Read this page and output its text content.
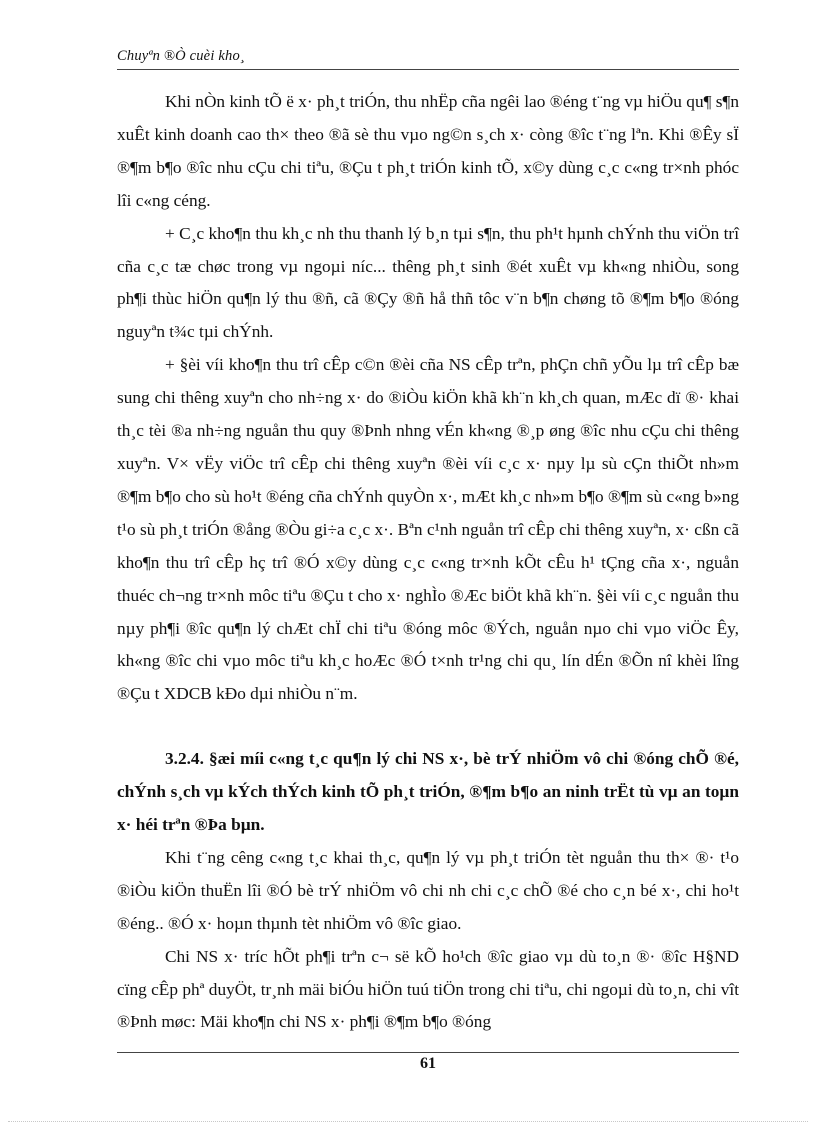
Chuyªn ®Ò cuèi kho¸

Khi nÒn kinh tÕ ë x· ph¸t triÓn, thu nhËp cña ngêi lao ®éng t¨ng vµ hiÖu qu¶ s¶n xuÊt kinh doanh cao th× theo ®ã sè thu vµo ng©n s¸ch x· còng ®îc t¨ng lªn. Khi ®Êy sÏ ®¶m b¶o ®îc nhu cÇu chi tiªu, ®Çu t ph¸t triÓn kinh tÕ, x©y dùng c¸c c«ng tr×nh phóc lîi c«ng céng.

+ C¸c kho¶n thu kh¸c nh thu thanh lý b¸n tµi s¶n, thu ph¹t hµnh chÝnh thu viÖn trî cña c¸c tæ chøc trong vµ ngoµi níc... thêng ph¸t sinh ®ét xuÊt vµ kh«ng nhiÒu, song ph¶i thùc hiÖn qu¶n lý thu ®ñ, cã ®Çy ®ñ hå thñ tôc v¨n b¶n chøng tõ ®¶m b¶o ®óng nguyªn t¾c tµi chÝnh.

+ §èi víi kho¶n thu trî cÊp c©n ®èi cña NS cÊp trªn, phÇn chñ yÕu lµ trî cÊp bæ sung chi thêng xuyªn cho nh÷ng x· do ®iÒu kiÖn khã kh¨n kh¸ch quan, mÆc dï ®· khai th¸c tèi ®a nh÷ng nguån thu quy ®Þnh nhng vÉn kh«ng ®¸p øng ®îc nhu cÇu chi thêng xuyªn. V× vËy viÖc trî cÊp chi thêng xuyªn ®èi víi c¸c x· nµy lµ sù cÇn thiÕt nh»m ®¶m b¶o cho sù ho¹t ®éng cña chÝnh quyÒn x·, mÆt kh¸c nh»m b¶o ®¶m sù c«ng b»ng t¹o sù ph¸t triÓn ®ång ®Òu gi÷a c¸c x·. Bªn c¹nh nguån trî cÊp chi thêng xuyªn, x· cßn cã kho¶n thu trî cÊp hç trî ®Ó x©y dùng c¸c c«ng tr×nh kÕt cÊu h¹ tÇng cña x·, nguån thuéc ch¬ng tr×nh môc tiªu ®Çu t cho x· nghÌo ®Æc biÖt khã kh¨n. §èi víi c¸c nguån thu nµy ph¶i ®îc qu¶n lý chÆt chÏ chi tiªu ®óng môc ®Ých, nguån nµo chi vµo viÖc Êy, kh«ng ®îc chi vµo môc tiªu kh¸c hoÆc ®Ó t×nh tr¹ng chi qu¸ lín dÉn ®Õn nî khèi lîng ®Çu t XDCB kÐo dµi nhiÒu n¨m.

3.2.4. §æi míi c«ng t¸c qu¶n lý chi NS x·, bè trÝ nhiÖm vô chi ®óng chÕ ®é, chÝnh s¸ch vµ kÝch thÝch kinh tÕ ph¸t triÓn, ®¶m b¶o an ninh trËt tù vµ an toµn x· héi trªn ®Þa bµn.

Khi t¨ng cêng c«ng t¸c khai th¸c, qu¶n lý vµ ph¸t triÓn tèt nguån thu th× ®· t¹o ®iÒu kiÖn thuËn lîi ®Ó bè trÝ nhiÖm vô chi nh chi c¸c chÕ ®é cho c¸n bé x·, chi ho¹t ®éng.. ®Ó x· hoµn thµnh tèt nhiÖm vô ®îc giao.

Chi NS x· tríc hÕt ph¶i trªn c¬ së kÕ ho¹ch ®îc giao vµ dù to¸n ®· ®îc H§ND cïng cÊp phª duyÖt, tr¸nh mäi biÓu hiÖn tuú tiÖn trong chi tiªu, chi ngoµi dù to¸n, chi vît ®Þnh møc: Mäi kho¶n chi NS x· ph¶i ®¶m b¶o ®óng

61
